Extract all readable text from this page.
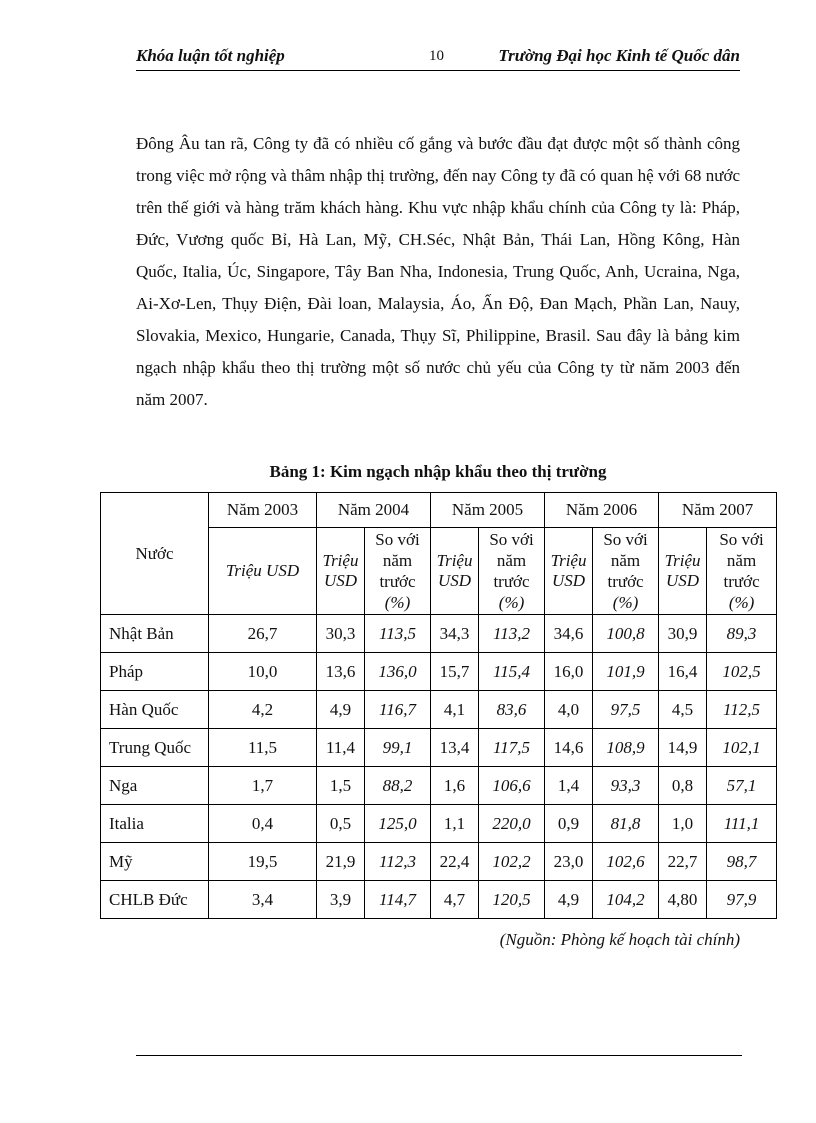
Khóa luận tốt nghiệp	10	Trường Đại học Kinh tế Quốc dân

Đông Âu tan rã, Công ty đã có nhiều cố gắng và bước đầu đạt được một số thành công trong việc mở rộng và thâm nhập thị trường, đến nay Công ty đã có quan hệ với 68 nước trên thế giới và hàng trăm khách hàng. Khu vực nhập khẩu chính của Công ty là: Pháp, Đức, Vương quốc Bỉ, Hà Lan, Mỹ, CH.Séc, Nhật Bản, Thái Lan, Hồng Kông, Hàn Quốc, Italia, Úc, Singapore, Tây Ban Nha, Indonesia, Trung Quốc, Anh, Ucraina, Nga, Ai-Xơ-Len, Thụy Điện, Đài loan, Malaysia, Áo, Ấn Độ, Đan Mạch, Phần Lan, Nauy, Slovakia, Mexico, Hungarie, Canada, Thụy Sĩ, Philippine, Brasil. Sau đây là bảng kim ngạch nhập khẩu theo thị trường một số nước chủ yếu của Công ty từ năm 2003 đến năm 2007.

Bảng 1: Kim ngạch nhập khẩu theo thị trường

Nước	Năm 2003	Năm 2004		Năm 2005		Năm 2006		Năm 2007	
	Triệu USD	Triệu USD	So với năm trước
(%)	Triệu USD	So với năm trước
(%)	Triệu USD	So với năm trước
(%)	Triệu USD	So với năm trước
(%)
Nhật Bản	26,7	30,3	113,5	34,3	113,2	34,6	100,8	30,9	89,3
Pháp	10,0	13,6	136,0	15,7	115,4	16,0	101,9	16,4	102,5
Hàn Quốc	4,2	4,9	116,7	4,1	83,6	4,0	97,5	4,5	112,5
Trung Quốc	11,5	11,4	99,1	13,4	117,5	14,6	108,9	14,9	102,1
Nga	1,7	1,5	88,2	1,6	106,6	1,4	93,3	0,8	57,1
Italia	0,4	0,5	125,0	1,1	220,0	0,9	81,8	1,0	111,1
Mỹ	19,5	21,9	112,3	22,4	102,2	23,0	102,6	22,7	98,7
CHLB Đức	3,4	3,9	114,7	4,7	120,5	4,9	104,2	4,80	97,9
(Nguồn: Phòng kế hoạch tài chính)
